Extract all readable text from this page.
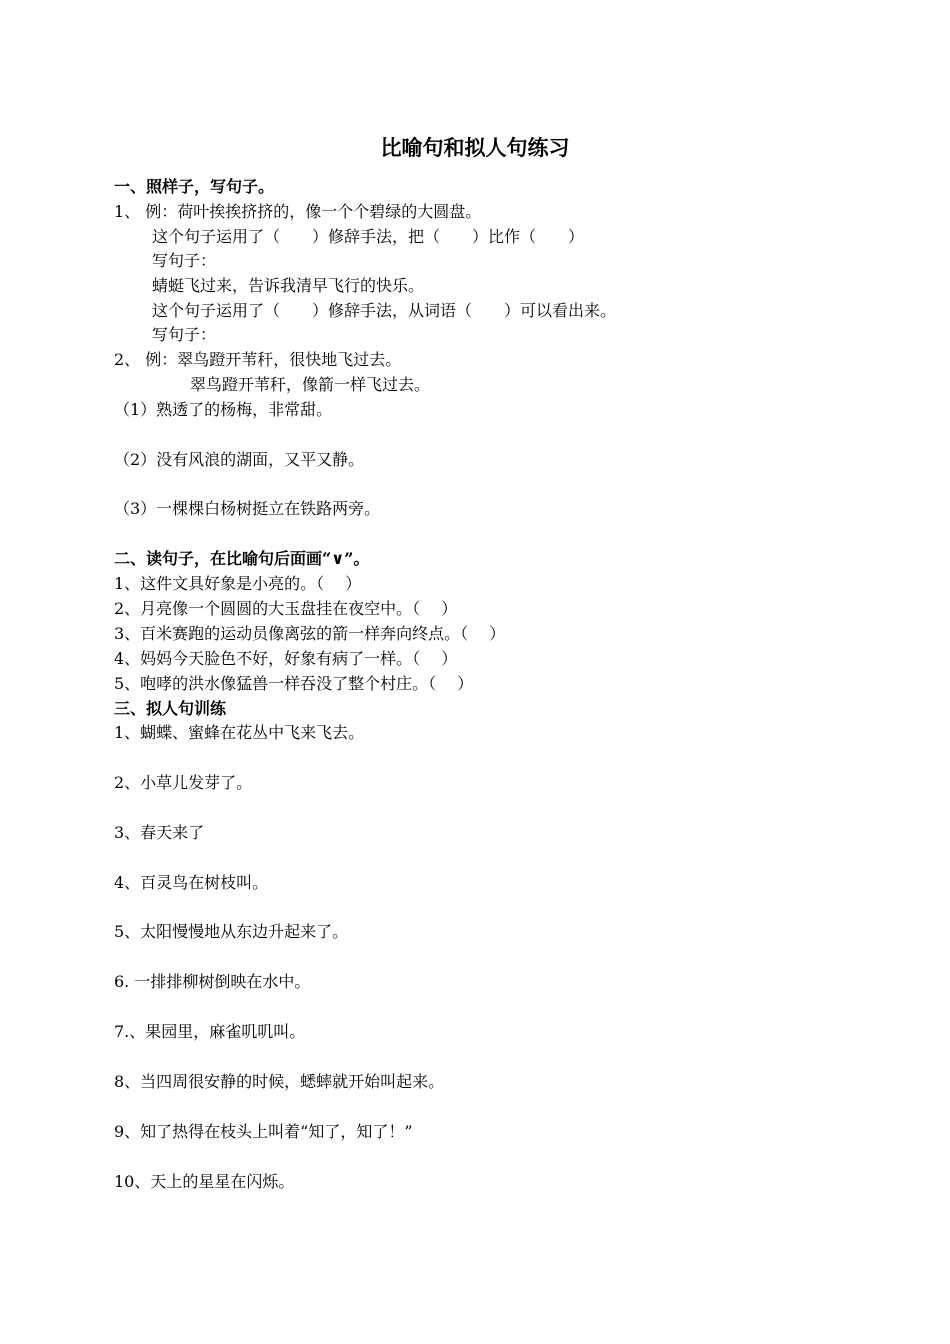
比喻句和拟人句练习
一、照样子，写句子。
1、 例：荷叶挨挨挤挤的，像一个个碧绿的大圆盘。
这个句子运用了（　　）修辞手法，把（　　）比作（　　）
写句子：
蜻蜓飞过来，告诉我清早飞行的快乐。
这个句子运用了（　　）修辞手法，从词语（　　）可以看出来。
写句子：
2、 例：翠鸟蹬开苇秆，很快地飞过去。
翠鸟蹬开苇秆，像箭一样飞过去。
（1）熟透了的杨梅，非常甜。
（2）没有风浪的湖面，又平又静。
（3）一棵棵白杨树挺立在铁路两旁。
二、读句子，在比喻句后面画“∨”。
1、这件文具好象是小亮的。（　 ）
2、月亮像一个圆圆的大玉盘挂在夜空中。（　 ）
3、百米赛跑的运动员像离弦的箭一样奔向终点。（　 ）
4、妈妈今天脸色不好，好象有病了一样。（　 ）
5、咆哮的洪水像猛兽一样吞没了整个村庄。（　 ）
三、拟人句训练
1、蝴蝶、蜜蜂在花丛中飞来飞去。
2、小草儿发芽了。
3、春天来了
4、百灵鸟在树枝叫。
5、太阳慢慢地从东边升起来了。
6. 一排排柳树倒映在水中。
7.、果园里，麻雀叽叽叫。
8、当四周很安静的时候，蟋蟀就开始叫起来。
9、知了热得在枝头上叫着“知了，知了！”
10、天上的星星在闪烁。
